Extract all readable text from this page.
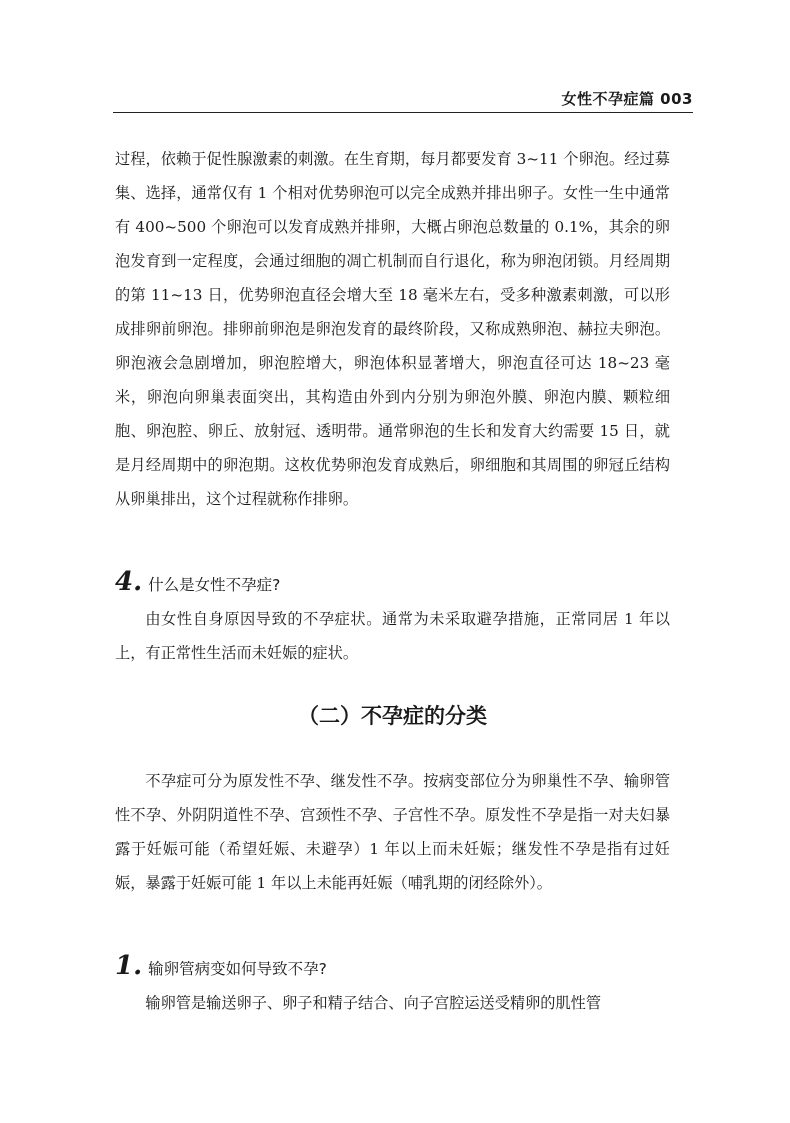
女性不孕症篇 003

过程，依赖于促性腺激素的刺激。在生育期，每月都要发育 3~11 个卵泡。经过募集、选择，通常仅有 1 个相对优势卵泡可以完全成熟并排出卵子。女性一生中通常有 400~500 个卵泡可以发育成熟并排卵，大概占卵泡总数量的 0.1%，其余的卵泡发育到一定程度，会通过细胞的凋亡机制而自行退化，称为卵泡闭锁。月经周期的第 11~13 日，优势卵泡直径会增大至 18 毫米左右，受多种激素刺激，可以形成排卵前卵泡。排卵前卵泡是卵泡发育的最终阶段，又称成熟卵泡、赫拉夫卵泡。卵泡液会急剧增加，卵泡腔增大，卵泡体积显著增大，卵泡直径可达 18~23 毫米，卵泡向卵巢表面突出，其构造由外到内分别为卵泡外膜、卵泡内膜、颗粒细胞、卵泡腔、卵丘、放射冠、透明带。通常卵泡的生长和发育大约需要 15 日，就是月经周期中的卵泡期。这枚优势卵泡发育成熟后，卵细胞和其周围的卵冠丘结构从卵巢排出，这个过程就称作排卵。

4. 什么是女性不孕症?

由女性自身原因导致的不孕症状。通常为未采取避孕措施，正常同居 1 年以上，有正常性生活而未妊娠的症状。

（二）不孕症的分类

不孕症可分为原发性不孕、继发性不孕。按病变部位分为卵巢性不孕、输卵管性不孕、外阴阴道性不孕、宫颈性不孕、子宫性不孕。原发性不孕是指一对夫妇暴露于妊娠可能（希望妊娠、未避孕）1 年以上而未妊娠；继发性不孕是指有过妊娠，暴露于妊娠可能 1 年以上未能再妊娠（哺乳期的闭经除外）。

1. 输卵管病变如何导致不孕?

输卵管是输送卵子、卵子和精子结合、向子宫腔运送受精卵的肌性管
